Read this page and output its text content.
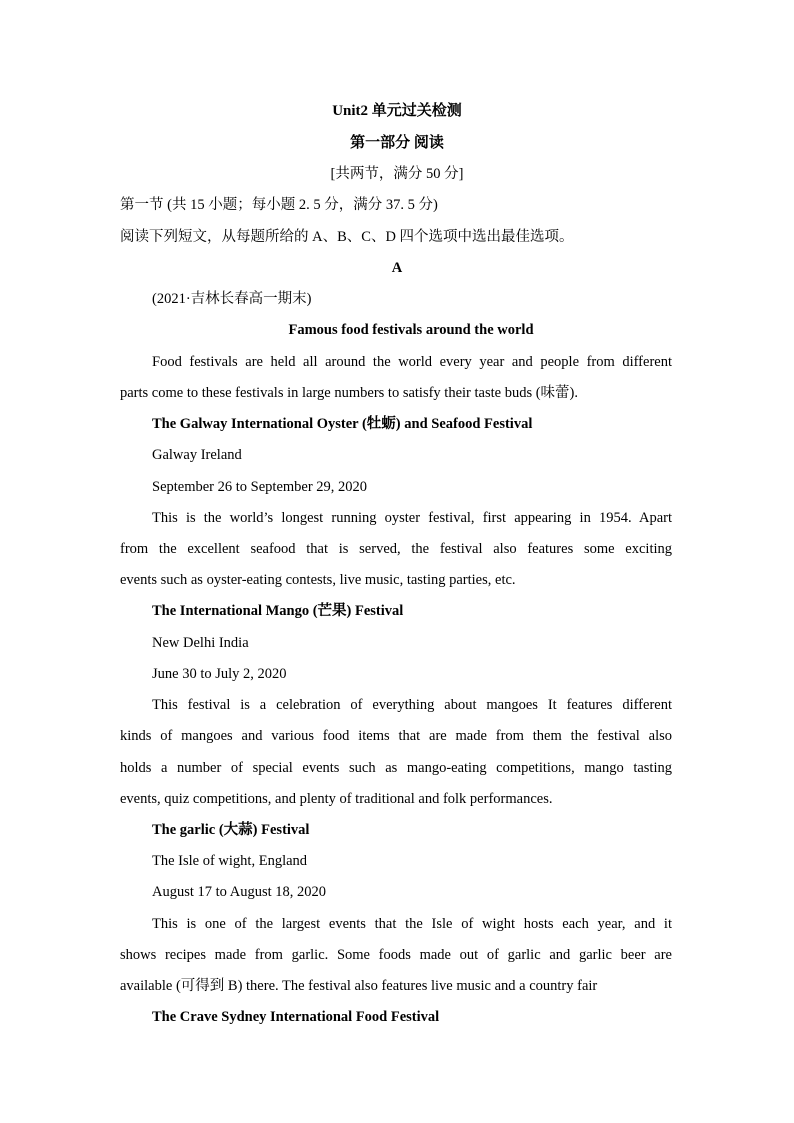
Unit2 单元过关检测
第一部分 阅读
[共两节，满分 50 分]
第一节 (共 15 小题；每小题 2. 5 分，满分 37. 5 分)
阅读下列短文，从每题所给的 A、B、C、D 四个选项中选出最佳选项。
A
(2021·吉林长春高一期末)
Famous food festivals around the world
Food festivals are held all around the world every year and people from different
parts come to these festivals in large numbers to satisfy their taste buds (味蕾).
The Galway International Oyster (牡蛎) and Seafood Festival
Galway Ireland
September 26 to September 29, 2020
This is the world’s longest running oyster festival, first appearing in 1954. Apart
from the excellent seafood that is served, the festival also features some exciting
events such as oyster-eating contests, live music, tasting parties, etc.
The International Mango (芒果) Festival
New Delhi India
June 30 to July 2, 2020
This festival is a celebration of everything about mangoes It features different
kinds of mangoes and various food items that are made from them the festival also
holds a number of special events such as mango-eating competitions, mango tasting
events, quiz competitions, and plenty of traditional and folk performances.
The garlic (大蒜) Festival
The Isle of wight, England
August 17 to August 18, 2020
This is one of the largest events that the Isle of wight hosts each year, and it
shows recipes made from garlic. Some foods made out of garlic and garlic beer are
available (可得到 B) there. The festival also features live music and a country fair
The Crave Sydney International Food Festival
